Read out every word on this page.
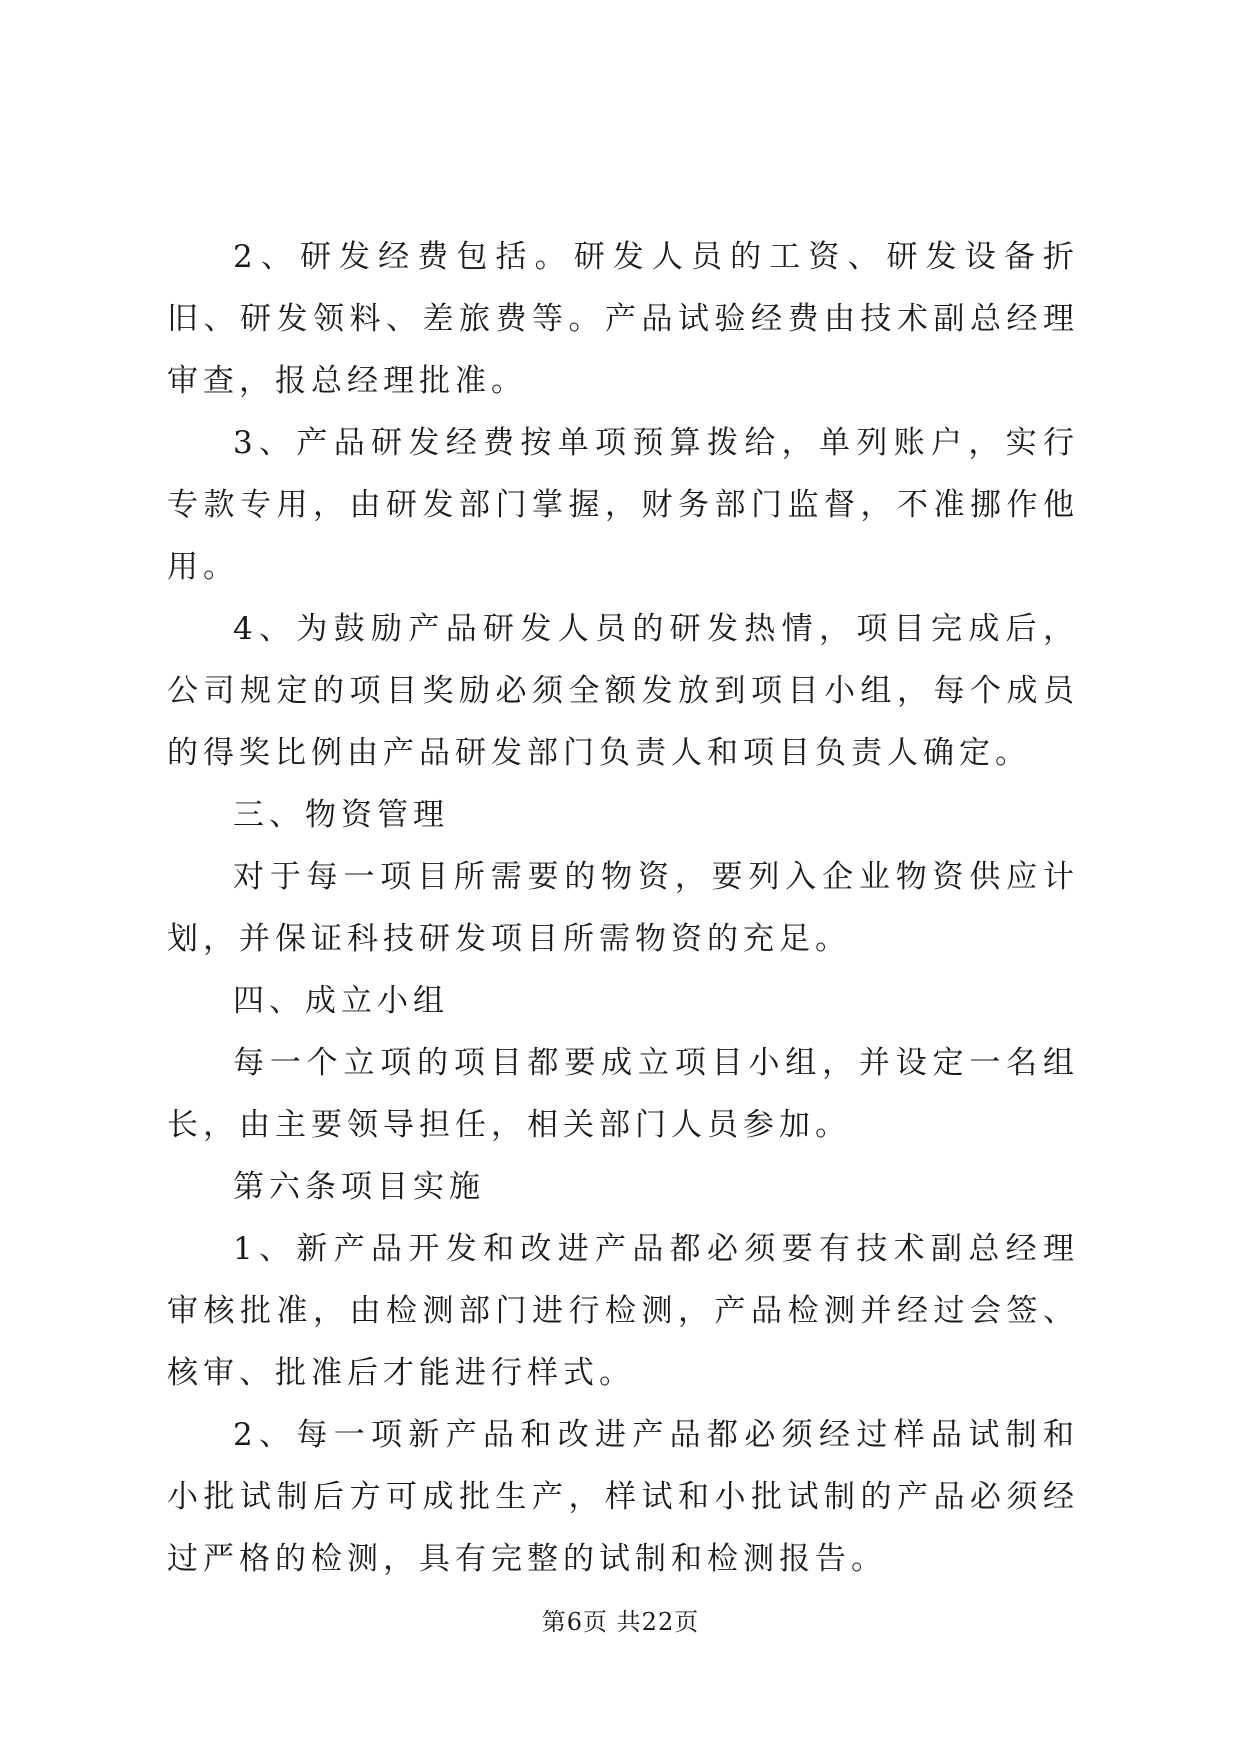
2、研发经费包括。研发人员的工资、研发设备折旧、研发领料、差旅费等。产品试验经费由技术副总经理审查，报总经理批准。

3、产品研发经费按单项预算拨给，单列账户，实行专款专用，由研发部门掌握，财务部门监督，不准挪作他用。

4、为鼓励产品研发人员的研发热情，项目完成后，公司规定的项目奖励必须全额发放到项目小组，每个成员的得奖比例由产品研发部门负责人和项目负责人确定。

三、物资管理

对于每一项目所需要的物资，要列入企业物资供应计划，并保证科技研发项目所需物资的充足。

四、成立小组

每一个立项的项目都要成立项目小组，并设定一名组长，由主要领导担任，相关部门人员参加。

第六条项目实施

1、新产品开发和改进产品都必须要有技术副总经理审核批准，由检测部门进行检测，产品检测并经过会签、核审、批准后才能进行样式。

2、每一项新产品和改进产品都必须经过样品试制和小批试制后方可成批生产，样试和小批试制的产品必须经过严格的检测，具有完整的试制和检测报告。

第6页 共22页
